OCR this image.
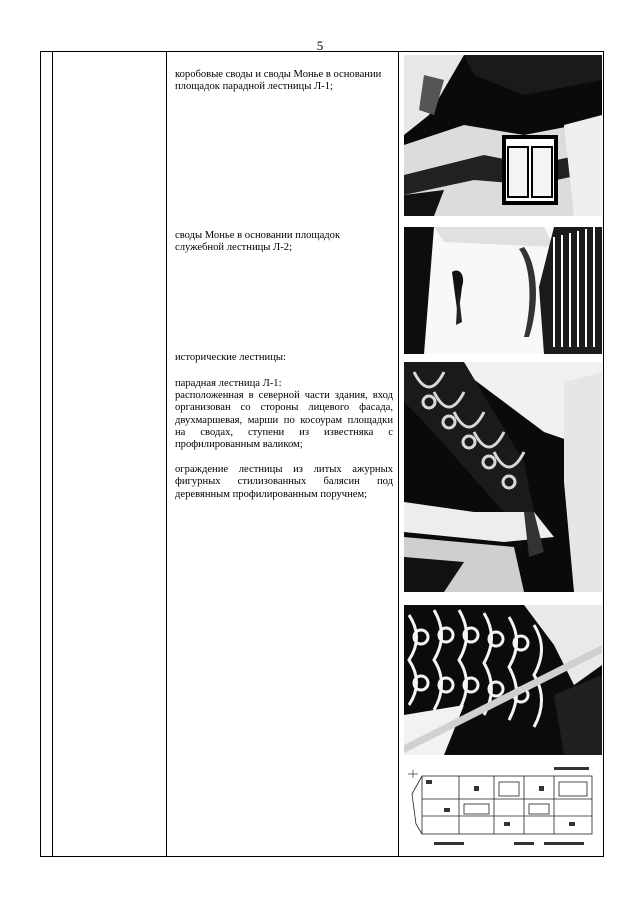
5
коробовые своды и своды Монье в основании площадок парадной лестницы Л-1;
своды Монье в основании площадок служебной лестницы Л-2;
исторические лестницы:
парадная лестница Л-1:
расположенная в северной части здания, вход организован со стороны лицевого фасада, двухмаршевая, марши по косоурам площадки на сводах, ступени из известняка с профилированным валиком;
ограждение лестницы из литых ажурных фигурных стилизованных балясин под деревянным профилированным поручнем;
